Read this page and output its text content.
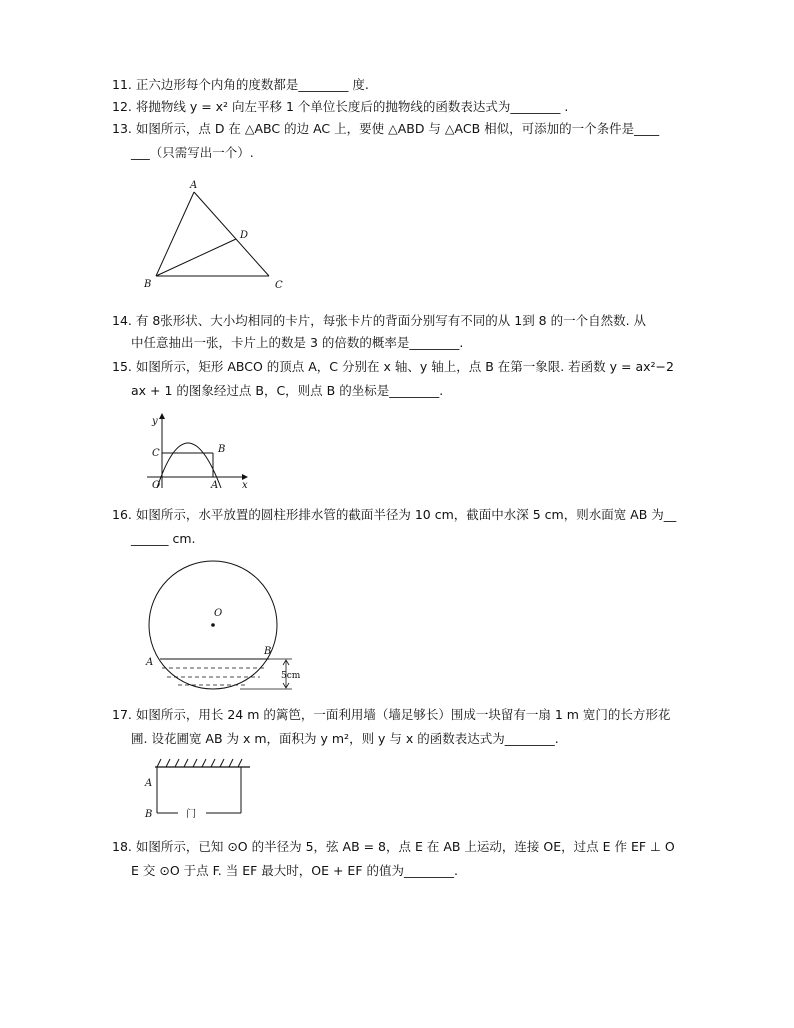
11. 正六边形每个内角的度数都是________ 度.
12. 将抛物线 y = x² 向左平移 1 个单位长度后的抛物线的函数表达式为________ .
13. 如图所示，点 D 在 △ABC 的边 AC 上，要使 △ABD 与 △ACB 相似，可添加的一个条件是____
___（只需写出一个）.
A
B	C
D
14. 有 8张形状、大小均相同的卡片，每张卡片的背面分别写有不同的从 1到 8 的一个自然数. 从
中任意抽出一张，卡片上的数是 3 的倍数的概率是________.
15. 如图所示，矩形 ABCO 的顶点 A，C 分别在 x 轴、y 轴上，点 B 在第一象限. 若函数 y = ax²−2
ax + 1 的图象经过点 B，C，则点 B 的坐标是________.
y
x
C	B
O	A
16. 如图所示，水平放置的圆柱形排水管的截面半径为 10 cm，截面中水深 5 cm，则水面宽 AB 为__
______ cm.
O
A
B
5cm
17. 如图所示，用长 24 m 的篱笆，一面利用墙（墙足够长）围成一块留有一扇 1 m 宽门的长方形花
圃. 设花圃宽 AB 为 x m，面积为 y m²，则 y 与 x 的函数表达式为________.
A
B	门
18. 如图所示，已知 ⊙O 的半径为 5，弦 AB = 8，点 E 在 AB 上运动，连接 OE，过点 E 作 EF ⊥ O
E 交 ⊙O 于点 F. 当 EF 最大时，OE + EF 的值为________.
